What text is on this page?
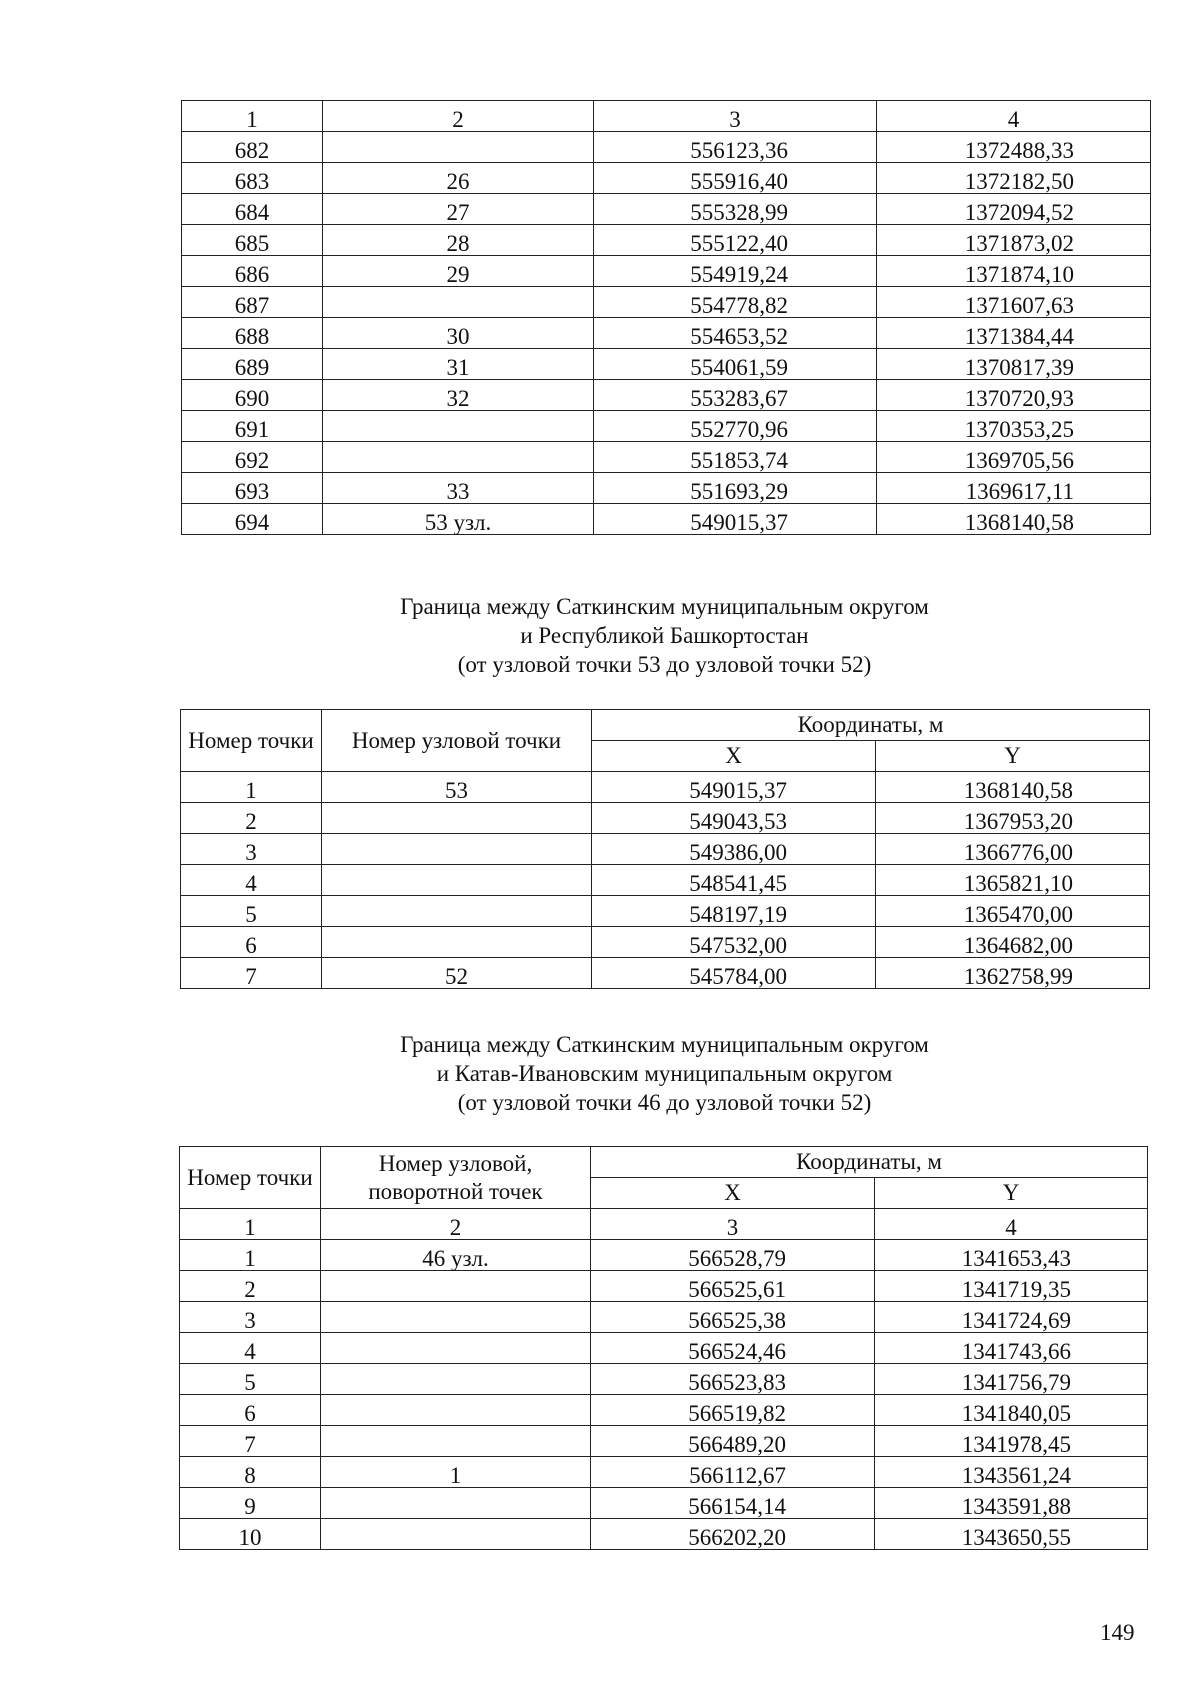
1	2	3	4
682		556123,36	1372488,33
683	26	555916,40	1372182,50
684	27	555328,99	1372094,52
685	28	555122,40	1371873,02
686	29	554919,24	1371874,10
687		554778,82	1371607,63
688	30	554653,52	1371384,44
689	31	554061,59	1370817,39
690	32	553283,67	1370720,93
691		552770,96	1370353,25
692		551853,74	1369705,56
693	33	551693,29	1369617,11
694	53 узл.	549015,37	1368140,58
Граница между Саткинским муниципальным округом
и Республикой Башкортостан
(от узловой точки 53 до узловой точки 52)
Номер точки	Номер узловой точки	Координаты, м	
		X	Y
1	53	549015,37	1368140,58
2		549043,53	1367953,20
3		549386,00	1366776,00
4		548541,45	1365821,10
5		548197,19	1365470,00
6		547532,00	1364682,00
7	52	545784,00	1362758,99
Граница между Саткинским муниципальным округом
и Катав-Ивановским муниципальным округом
(от узловой точки 46 до узловой точки 52)
Номер точки	Номер узловой, поворотной точек	Координаты, м	
		X	Y
1	2	3	4
1	46 узл.	566528,79	1341653,43
2		566525,61	1341719,35
3		566525,38	1341724,69
4		566524,46	1341743,66
5		566523,83	1341756,79
6		566519,82	1341840,05
7		566489,20	1341978,45
8	1	566112,67	1343561,24
9		566154,14	1343591,88
10		566202,20	1343650,55
149
